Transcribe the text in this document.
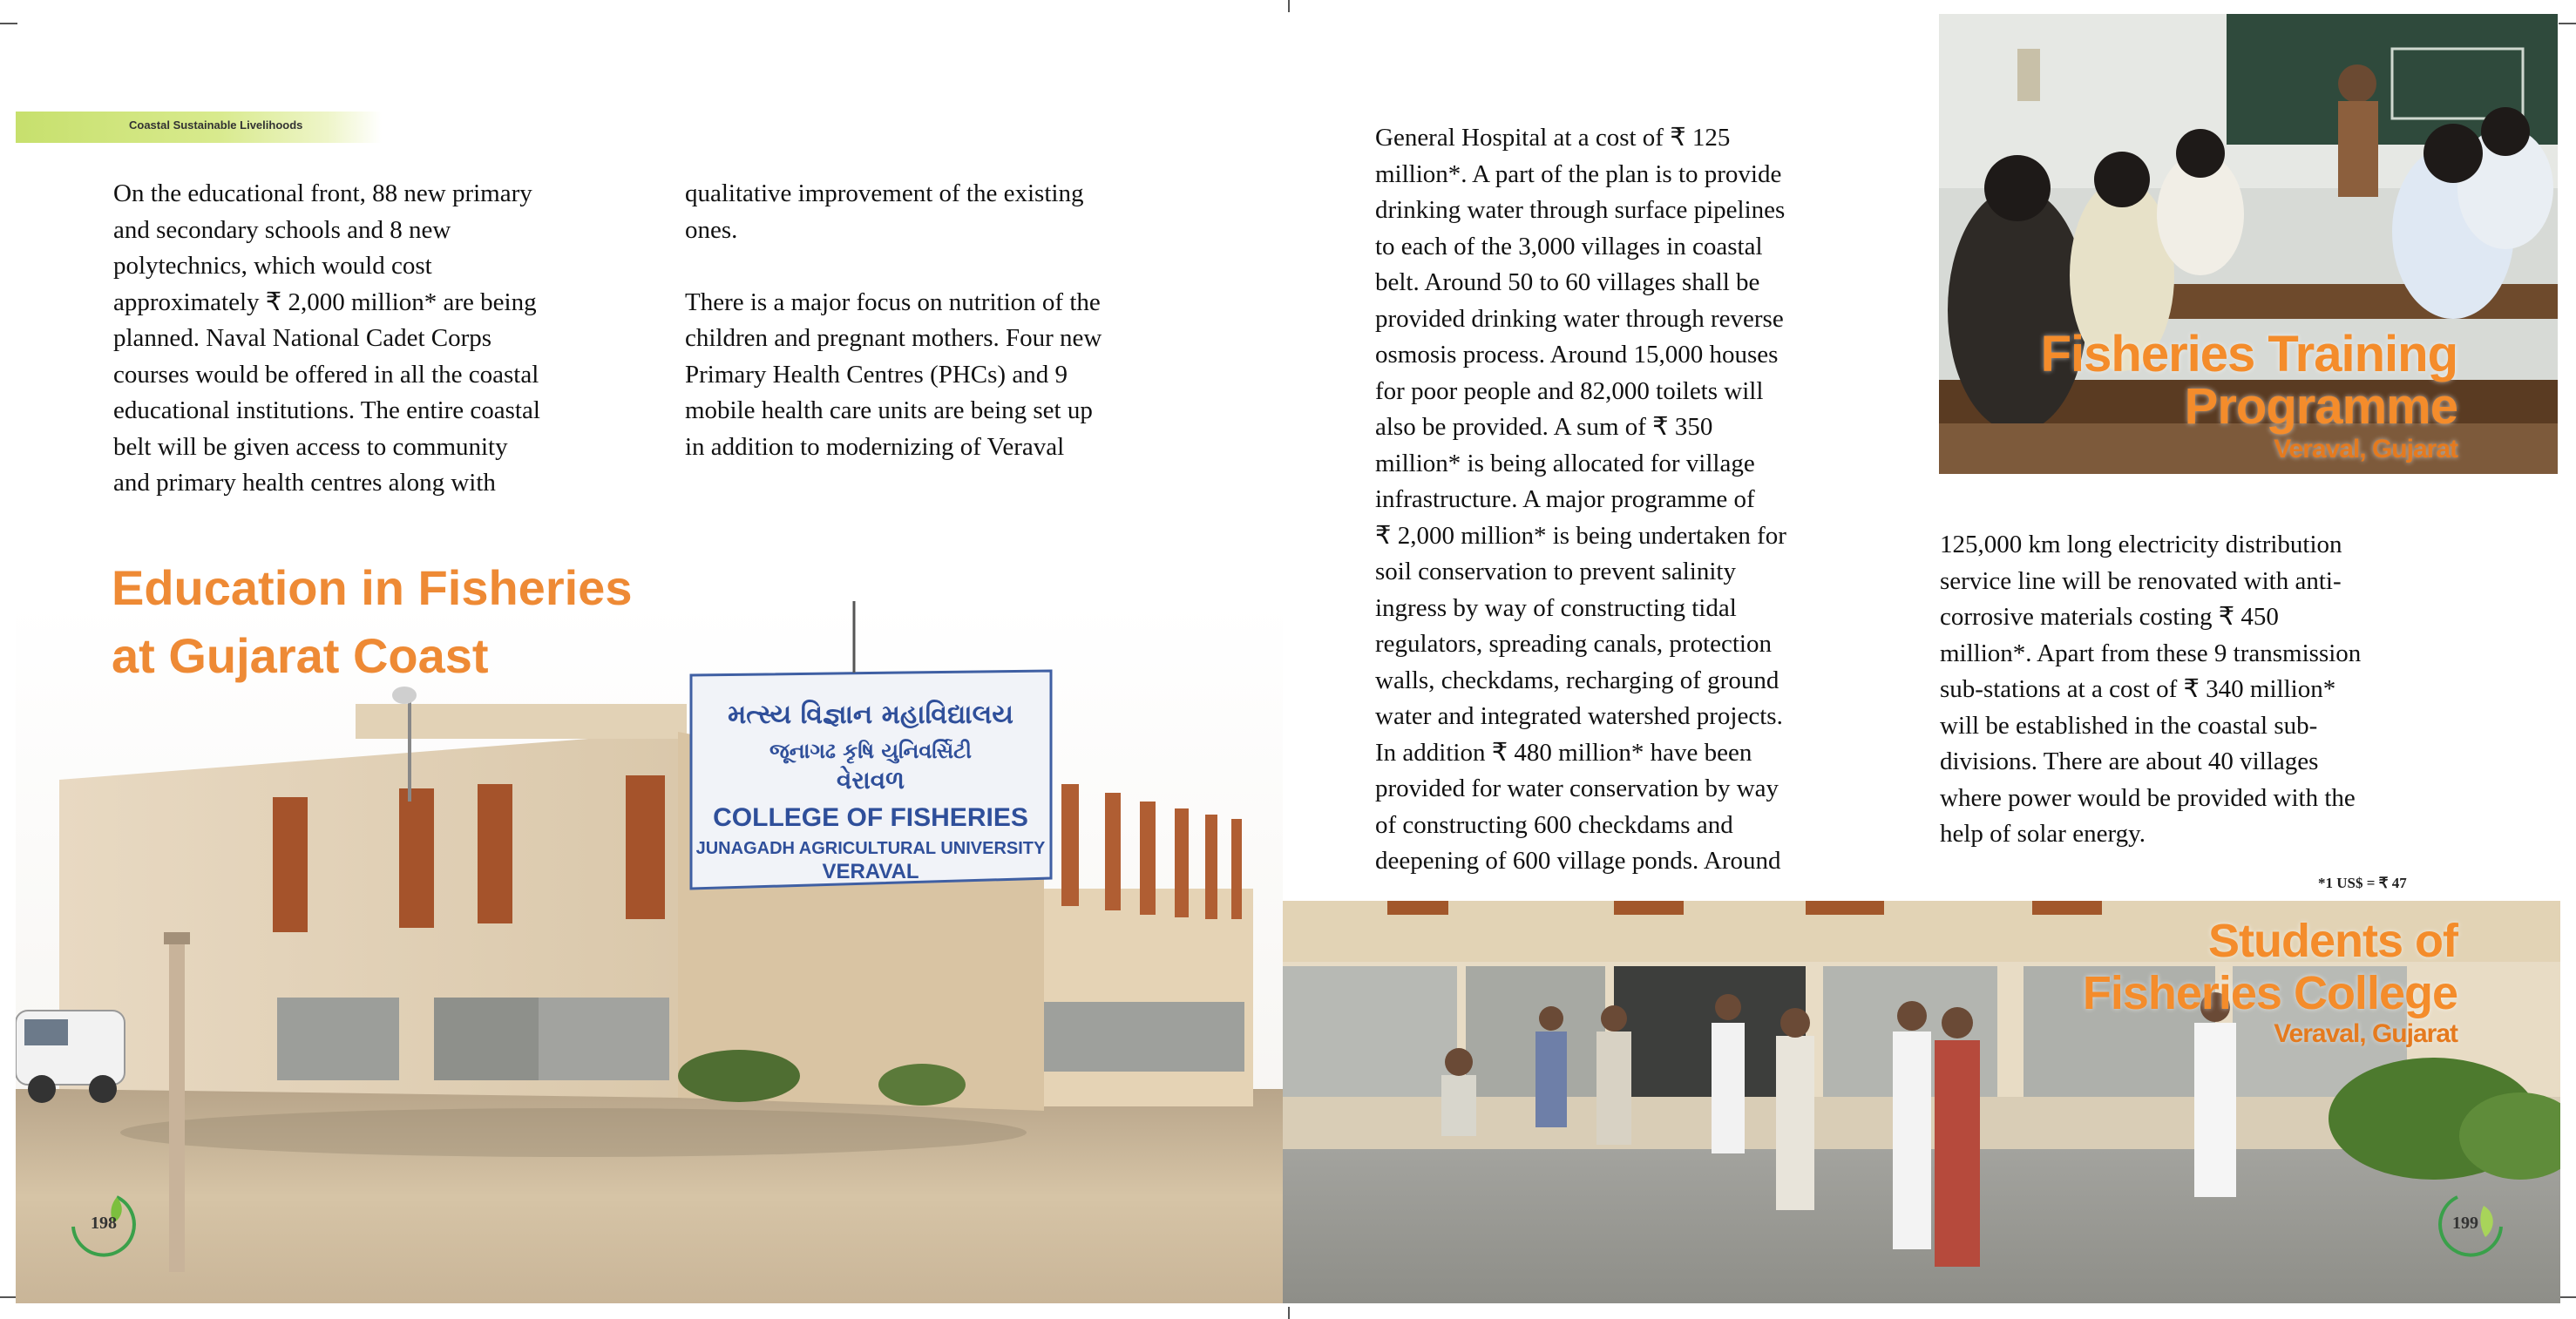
Coastal Sustainable Livelihoods
On the educational front, 88 new primary
and secondary schools and 8 new
polytechnics, which would cost
approximately ₹ 2,000 million* are being
planned. Naval National Cadet Corps
courses would be offered in all the coastal
educational institutions. The entire coastal
belt will be given access to community
and primary health centres along with
qualitative improvement of the existing
ones.

There is a major focus on nutrition of the
children and pregnant mothers. Four new
Primary Health Centres (PHCs) and 9
mobile health care units are being set up
in addition to modernizing of Veraval
મત્સ્ય વિજ્ઞાન મહાવિદ્યાલય
જૂનાગઢ કૃષિ યુનિવર્સિટી
વેરાવળ
COLLEGE OF FISHERIES
JUNAGADH AGRICULTURAL UNIVERSITY
VERAVAL
Education in Fisheries
at Gujarat Coast
198
General Hospital at a cost of ₹ 125
million*. A part of the plan is to provide
drinking water through surface pipelines
to each of the 3,000 villages in coastal
belt. Around 50 to 60 villages shall be
provided drinking water through reverse
osmosis process. Around 15,000 houses
for poor people and 82,000 toilets will
also be provided. A sum of ₹ 350
million* is being allocated for village
infrastructure. A major programme of
₹ 2,000 million* is being undertaken for
soil conservation to prevent salinity
ingress by way of constructing tidal
regulators, spreading canals, protection
walls, checkdams, recharging of ground
water and integrated watershed projects.
In addition ₹ 480 million* have been
provided for water conservation by way
of constructing 600 checkdams and
deepening of 600 village ponds. Around
Fisheries Training
Programme
Veraval, Gujarat
125,000 km long electricity distribution
service line will be renovated with anti-
corrosive materials costing ₹ 450
million*. Apart from these 9 transmission
sub-stations at a cost of ₹ 340 million*
will be established in the coastal sub-
divisions. There are about 40 villages
where power would be provided with the
help of solar energy.
*1 US$ = ₹ 47
Students of
Fisheries College
Veraval, Gujarat
199
